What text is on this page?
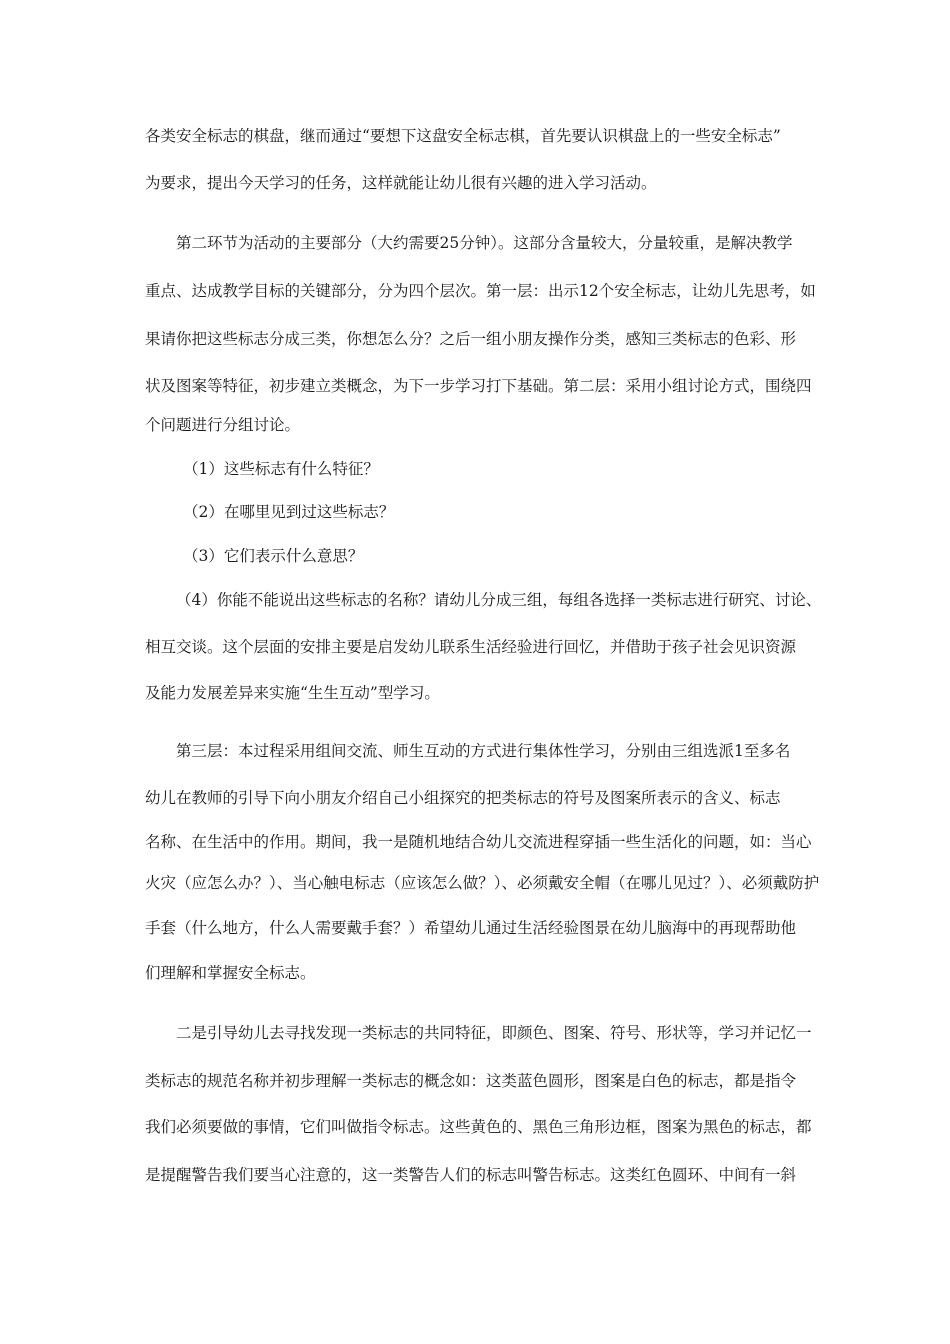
各类安全标志的棋盘，继而通过“要想下这盘安全标志棋，首先要认识棋盘上的一些安全标志”
为要求，提出今天学习的任务，这样就能让幼儿很有兴趣的进入学习活动。
第二环节为活动的主要部分（大约需要25分钟）。这部分含量较大，分量较重，是解决教学
重点、达成教学目标的关键部分，分为四个层次。第一层：出示12个安全标志，让幼儿先思考，如
果请你把这些标志分成三类，你想怎么分？之后一组小朋友操作分类，感知三类标志的色彩、形
状及图案等特征，初步建立类概念，为下一步学习打下基础。第二层：采用小组讨论方式，围绕四
个问题进行分组讨论。
（1）这些标志有什么特征？
（2）在哪里见到过这些标志？
（3）它们表示什么意思？
（4）你能不能说出这些标志的名称？请幼儿分成三组，每组各选择一类标志进行研究、讨论、
相互交谈。这个层面的安排主要是启发幼儿联系生活经验进行回忆，并借助于孩子社会见识资源
及能力发展差异来实施“生生互动”型学习。
第三层：本过程采用组间交流、师生互动的方式进行集体性学习，分别由三组选派1至多名
幼儿在教师的引导下向小朋友介绍自己小组探究的把类标志的符号及图案所表示的含义、标志
名称、在生活中的作用。期间，我一是随机地结合幼儿交流进程穿插一些生活化的问题，如：当心
火灾（应怎么办？）、当心触电标志（应该怎么做？）、必须戴安全帽（在哪儿见过？）、必须戴防护
手套（什么地方，什么人需要戴手套？）希望幼儿通过生活经验图景在幼儿脑海中的再现帮助他
们理解和掌握安全标志。
二是引导幼儿去寻找发现一类标志的共同特征，即颜色、图案、符号、形状等，学习并记忆一
类标志的规范名称并初步理解一类标志的概念如：这类蓝色圆形，图案是白色的标志，都是指令
我们必须要做的事情，它们叫做指令标志。这些黄色的、黑色三角形边框，图案为黑色的标志，都
是提醒警告我们要当心注意的，这一类警告人们的标志叫警告标志。这类红色圆环、中间有一斜
